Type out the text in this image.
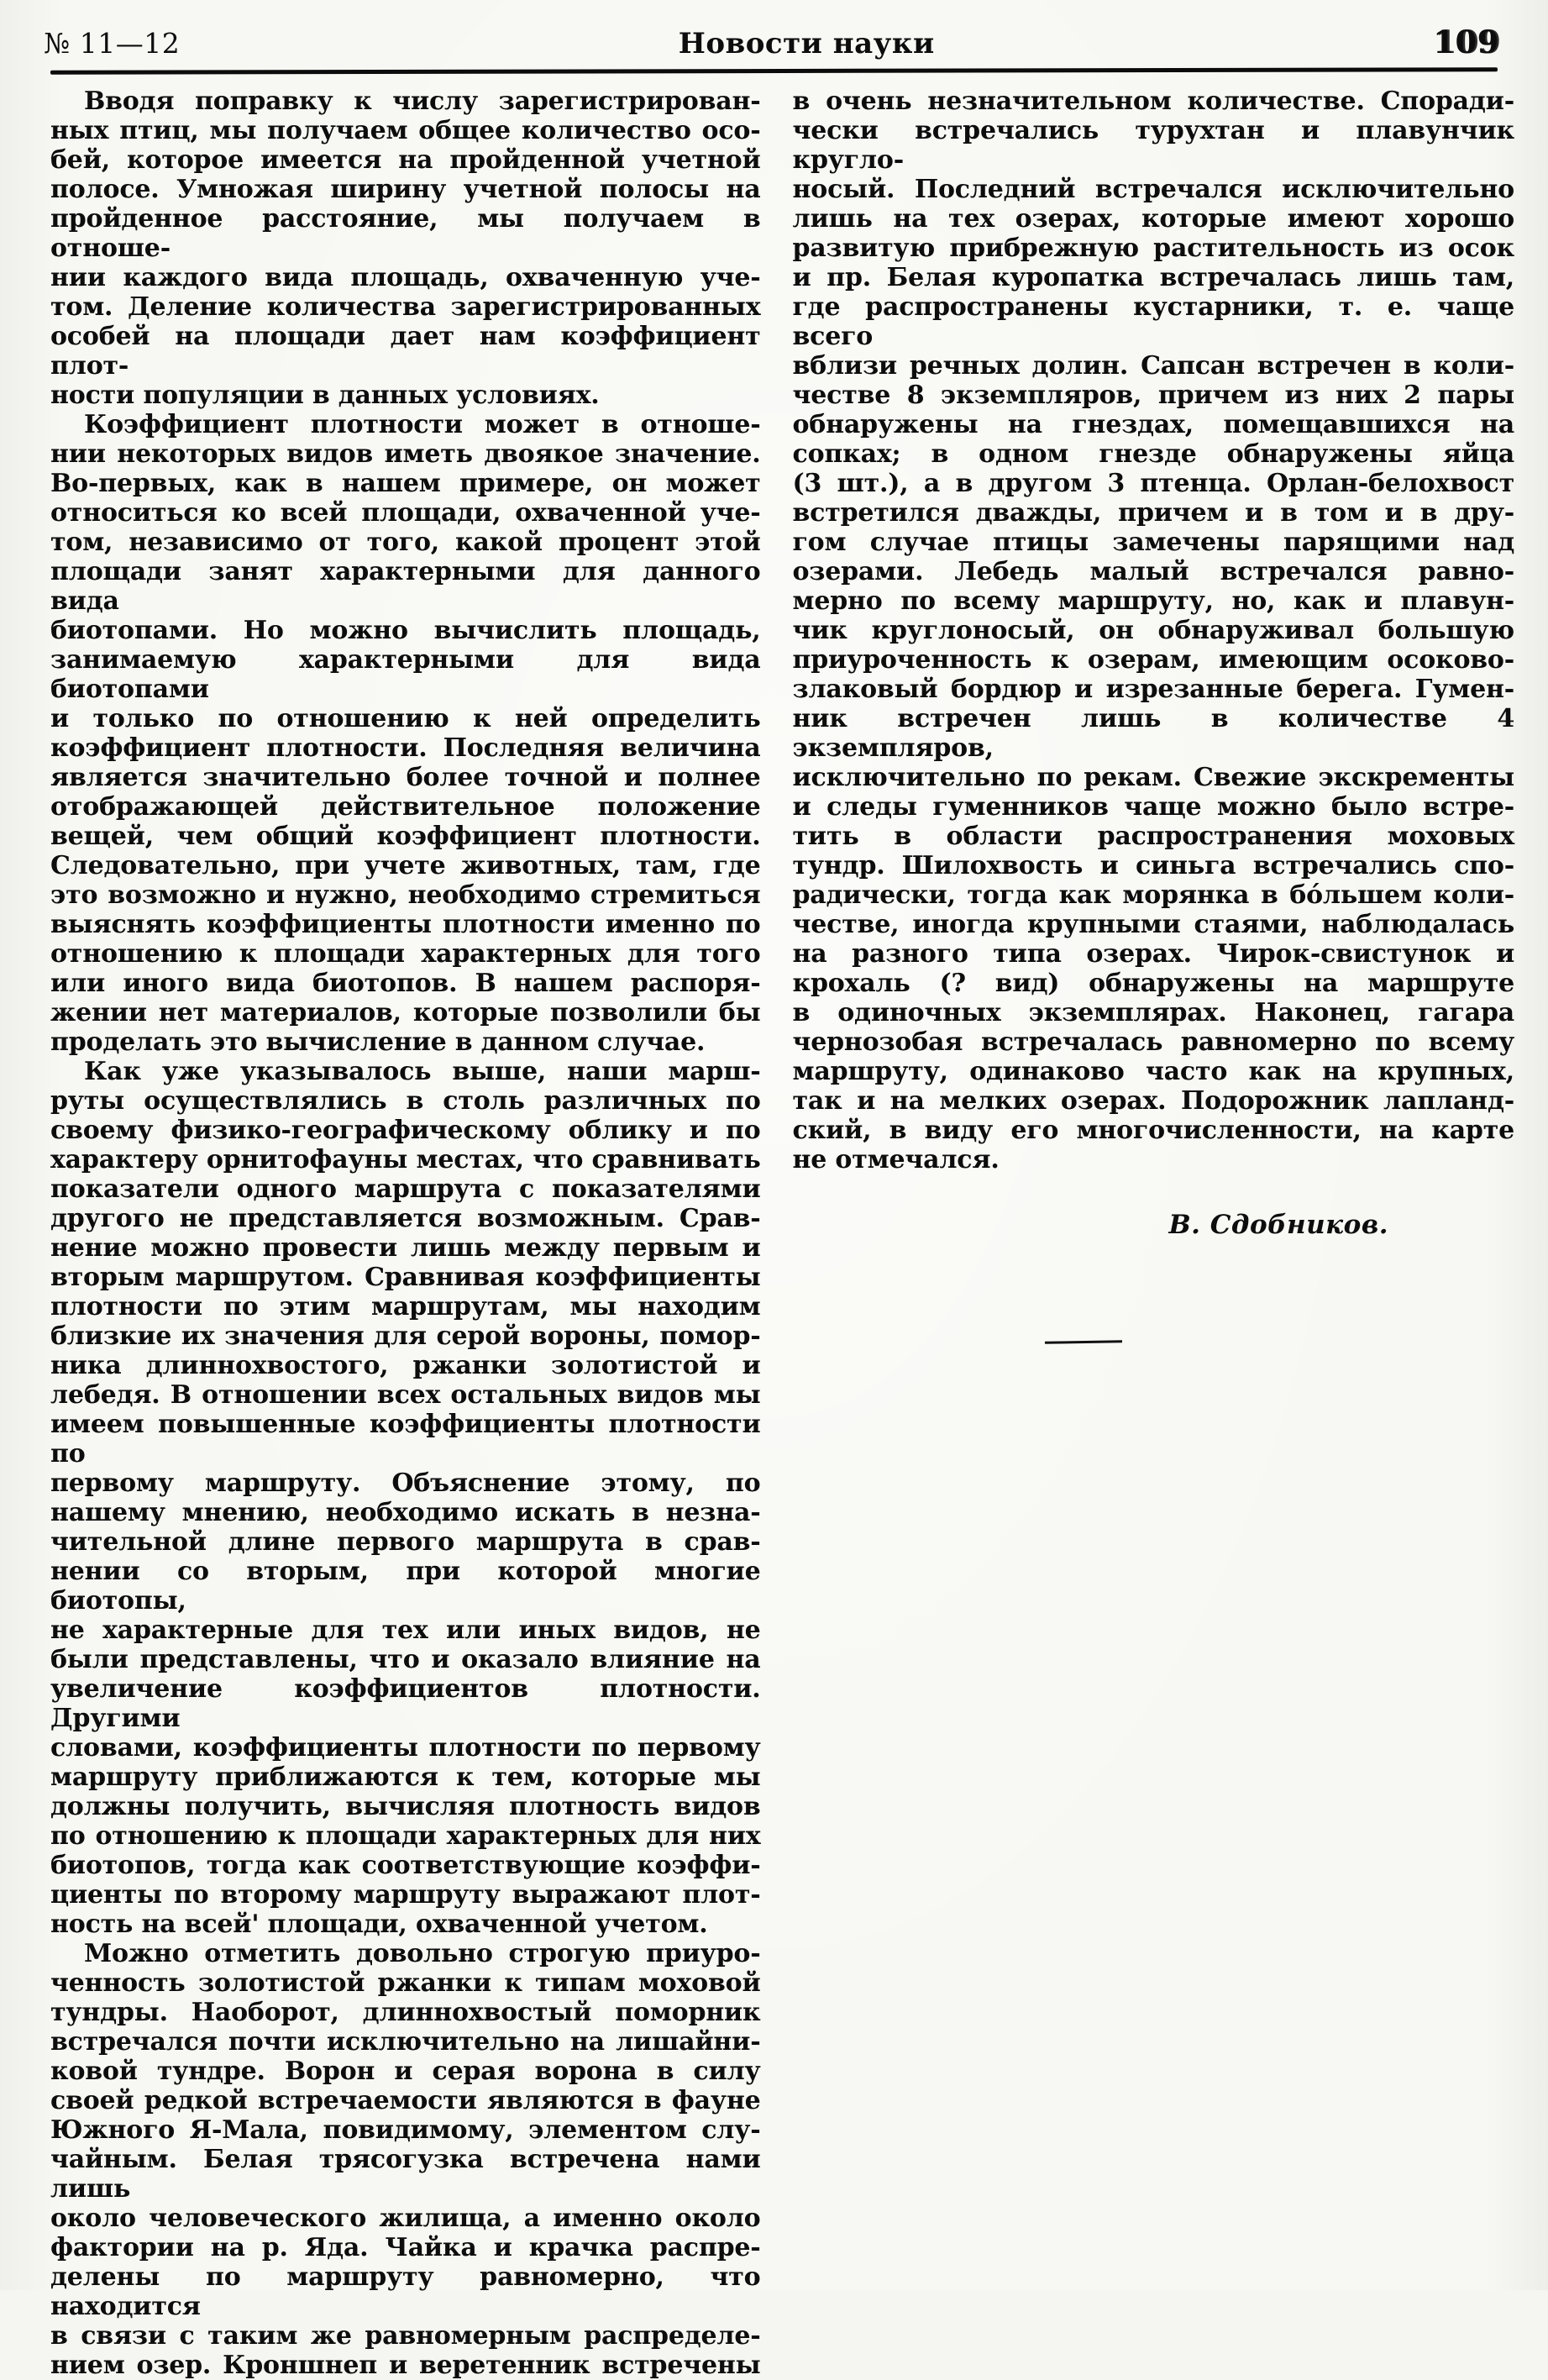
№ 11—12	Новости науки	109
Вводя поправку к числу зарегистрирован-
ных птиц, мы получаем общее количество осо-
бей, которое имеется на пройденной учетной
полосе. Умножая ширину учетной полосы на
пройденное расстояние, мы получаем в отноше-
нии каждого вида площадь, охваченную уче-
том. Деление количества зарегистрированных
особей на площади дает нам коэффициент плот-
ности популяции в данных условиях.
Коэффициент плотности может в отноше-
нии некоторых видов иметь двоякое значение.
Во-первых, как в нашем примере, он может
относиться ко всей площади, охваченной уче-
том, независимо от того, какой процент этой
площади занят характерными для данного вида
биотопами. Но можно вычислить площадь,
занимаемую характерными для вида биотопами
и только по отношению к ней определить
коэффициент плотности. Последняя величина
является значительно более точной и полнее
отображающей действительное положение
вещей, чем общий коэффициент плотности.
Следовательно, при учете животных, там, где
это возможно и нужно, необходимо стремиться
выяснять коэффициенты плотности именно по
отношению к площади характерных для того
или иного вида биотопов. В нашем распоря-
жении нет материалов, которые позволили бы
проделать это вычисление в данном случае.
Как уже указывалось выше, наши марш-
руты осуществлялись в столь различных по
своему физико-географическому облику и по
характеру орнитофауны местах, что сравнивать
показатели одного маршрута с показателями
другого не представляется возможным. Срав-
нение можно провести лишь между первым и
вторым маршрутом. Сравнивая коэффициенты
плотности по этим маршрутам, мы находим
близкие их значения для серой вороны, помор-
ника длиннохвостого, ржанки золотистой и
лебедя. В отношении всех остальных видов мы
имеем повышенные коэффициенты плотности по
первому маршруту. Объяснение этому, по
нашему мнению, необходимо искать в незна-
чительной длине первого маршрута в срав-
нении со вторым, при которой многие биотопы,
не характерные для тех или иных видов, не
были представлены, что и оказало влияние на
увеличение коэффициентов плотности. Другими
словами, коэффициенты плотности по первому
маршруту приближаются к тем, которые мы
должны получить, вычисляя плотность видов
по отношению к площади характерных для них
биотопов, тогда как соответствующие коэффи-
циенты по второму маршруту выражают плот-
ность на всей' площади, охваченной учетом.
Можно отметить довольно строгую приуро-
ченность золотистой ржанки к типам моховой
тундры. Наоборот, длиннохвостый поморник
встречался почти исключительно на лишайни-
ковой тундре. Ворон и серая ворона в силу
своей редкой встречаемости являются в фауне
Южного Я-Мала, повидимому, элементом слу-
чайным. Белая трясогузка встречена нами лишь
около человеческого жилища, а именно около
фактории на р. Яда. Чайка и крачка распре-
делены по маршруту равномерно, что находится
в связи с таким же равномерным распределе-
нием озер. Кроншнеп и веретенник встречены
в очень незначительном количестве. Споради-
чески встречались турухтан и плавунчик кругло-
носый. Последний встречался исключительно
лишь на тех озерах, которые имеют хорошо
развитую прибрежную растительность из осок
и пр. Белая куропатка встречалась лишь там,
где распространены кустарники, т. е. чаще всего
вблизи речных долин. Сапсан встречен в коли-
честве 8 экземпляров, причем из них 2 пары
обнаружены на гнездах, помещавшихся на
сопках; в одном гнезде обнаружены яйца
(3 шт.), а в другом 3 птенца. Орлан-белохвост
встретился дважды, причем и в том и в дру-
гом случае птицы замечены парящими над
озерами. Лебедь малый встречался равно-
мерно по всему маршруту, но, как и плавун-
чик круглоносый, он обнаруживал большую
приуроченность к озерам, имеющим осоково-
злаковый бордюр и изрезанные берега. Гумен-
ник встречен лишь в количестве 4 экземпляров,
исключительно по рекам. Свежие экскременты
и следы гуменников чаще можно было встре-
тить в области распространения моховых
тундр. Шилохвость и синьга встречались спо-
радически, тогда как морянка в бо́льшем коли-
честве, иногда крупными стаями, наблюдалась
на разного типа озерах. Чирок-свистунок и
крохаль (? вид) обнаружены на маршруте
в одиночных экземплярах. Наконец, гагара
чернозобая встречалась равномерно по всему
маршруту, одинаково часто как на крупных,
так и на мелких озерах. Подорожник лапланд-
ский, в виду его многочисленности, на карте
не отмечался.
В. Сдобников.
